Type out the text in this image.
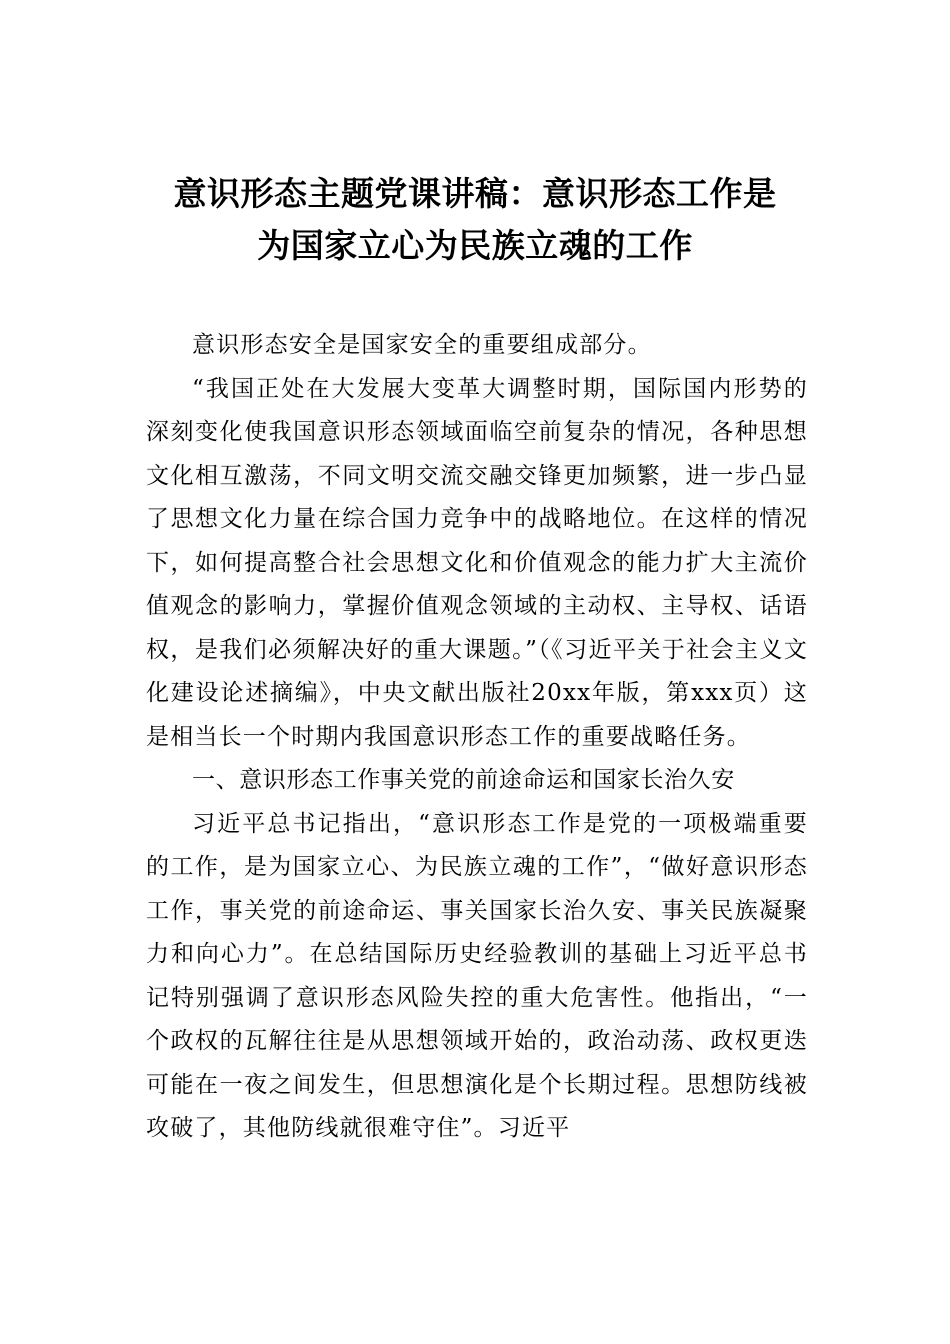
意识形态主题党课讲稿：意识形态工作是
为国家立心为民族立魂的工作

意识形态安全是国家安全的重要组成部分。

“我国正处在大发展大变革大调整时期，国际国内形势的深刻变化使我国意识形态领域面临空前复杂的情况，各种思想文化相互激荡，不同文明交流交融交锋更加频繁，进一步凸显了思想文化力量在综合国力竞争中的战略地位。在这样的情况下，如何提高整合社会思想文化和价值观念的能力扩大主流价值观念的影响力，掌握价值观念领域的主动权、主导权、话语权，是我们必须解决好的重大课题。”（《习近平关于社会主义文化建设论述摘编》，中央文献出版社20xx年版，第xxx页）这是相当长一个时期内我国意识形态工作的重要战略任务。

一、意识形态工作事关党的前途命运和国家长治久安

习近平总书记指出，“意识形态工作是党的一项极端重要的工作，是为国家立心、为民族立魂的工作”，“做好意识形态工作，事关党的前途命运、事关国家长治久安、事关民族凝聚力和向心力”。在总结国际历史经验教训的基础上习近平总书记特别强调了意识形态风险失控的重大危害性。他指出，“一个政权的瓦解往往是从思想领域开始的，政治动荡、政权更迭可能在一夜之间发生，但思想演化是个长期过程。思想防线被攻破了，其他防线就很难守住”。习近平
